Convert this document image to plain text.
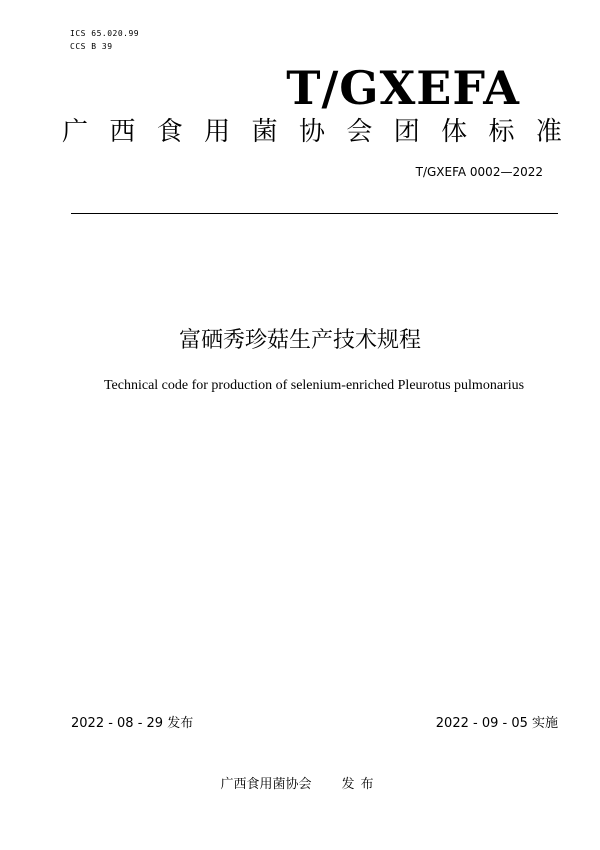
ICS 65.020.99
CCS B 39
T/GXEFA
广 西 食 用 菌 协 会 团 体 标 准
T/GXEFA 0002—2022
富硒秀珍菇生产技术规程
Technical code for production of selenium-enriched Pleurotus pulmonarius
2022 - 08 - 29 发布	2022 - 09 - 05 实施
广西食用菌协会 发布
